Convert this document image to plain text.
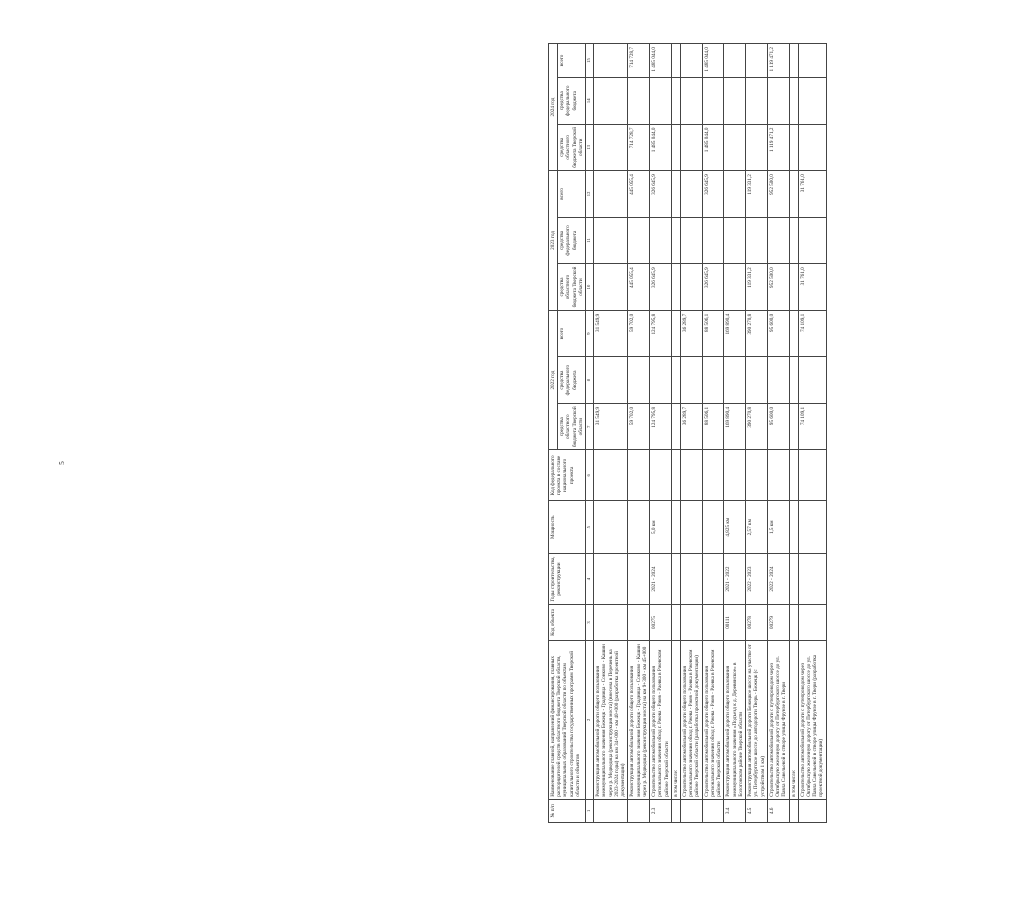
5
№ п/п	Наименование главной, направлений финансирования, главных распорядителей средств областного бюджета Тверской области, муниципальных образований Тверской области по объектам капитального строительства государственных программ Тверской области и объектов	Код объекта	Годы строительства, реконструкции	Мощность	Код федерального проекта в составе национального проекта	2022 год			2023 год			2024 год		
						средства областного бюджета Тверской области	средства федерального бюджета	всего	средства областного бюджета Тверской области	средства федерального бюджета	всего	средства областного бюджета Тверской области	средства федерального бюджета	всего
1	2	3	4	5	6	7	8	9	10	11	12	13	14	15
	Реконструкция автомобильной дороги общего пользования межмуниципального значения Бежецк - Градница - Сонково - Кашин через р. Медведица (реконструкция моста) (внесена в Перечень на 2023-2024 годы) на км 34+000 - км 40+000 (разработка проектной документации)					31 549,9		31 549,9						
	Реконструкция автомобильной дороги общего пользования межмуниципального значения Бежецк - Градница - Сонково - Кашин через р. Медведица (реконструкция моста) на км 9+300 - км 45+000					59 702,0		59 702,0	445 055,4		445 055,4	714 728,7		714 728,7
2.3	Строительство автомобильной дороги общего пользования регионального значения обход г. Ржева - Ржев - Раевка в Ржевском районе Тверской области	00275	2021 - 2024	5,0 км		124 795,8		124 795,8	326 645,9		326 645,9	1 485 044,0		1 485 044,0
	в том числе:													
	Строительство автомобильной дороги общего пользования регионального значения обход г. Ржева - Ржев - Раевка в Ржевском районе Тверской области (разработка проектной документации)					36 289,7		36 289,7						
	Строительство автомобильной дороги общего пользования регионального значения обход г. Ржева - Ржев - Раевка в Ржевском районе Тверской области					88 506,1		88 506,1	326 645,9		326 645,9	1 485 044,0		1 485 044,0
3.4	Реконструкция автомобильной дороги общего пользования межмуниципального значения «Подъезд к д. Деревянское» в Бологовском районе Тверской области	00111	2021 - 2022	4,825 км		169 890,4		169 890,4						
4.5	Реконструкция автомобильной дороги Бежецкое шоссе на участке от ул. Петербургское шоссе до автодороги Тверь - Бежецк (с устройством 1 км)	00278	2022 - 2023	2,57 км		390 270,8		390 270,8	119 331,2		119 331,2			
4.6	Строительство автомобильной дороги с путепроводом через Октябрьскую железную дорогу от Петербургского шоссе до ул. Павла Савельевой в створе улицы Фрунзе в г. Твери	00279	2022 - 2024	1,5 км		95 600,0		95 600,0	952 500,0		952 500,0	1 119 471,2		1 119 471,2
	в том числе:													
	Строительство автомобильной дороги с путепроводом через Октябрьскую железную дорогу от Петербургского шоссе до ул. Павла Савельевой в створе улицы Фрунзе в г. Твери (разработка проектной документации)					74 109,1		74 109,1	31 761,0		31 761,0			
